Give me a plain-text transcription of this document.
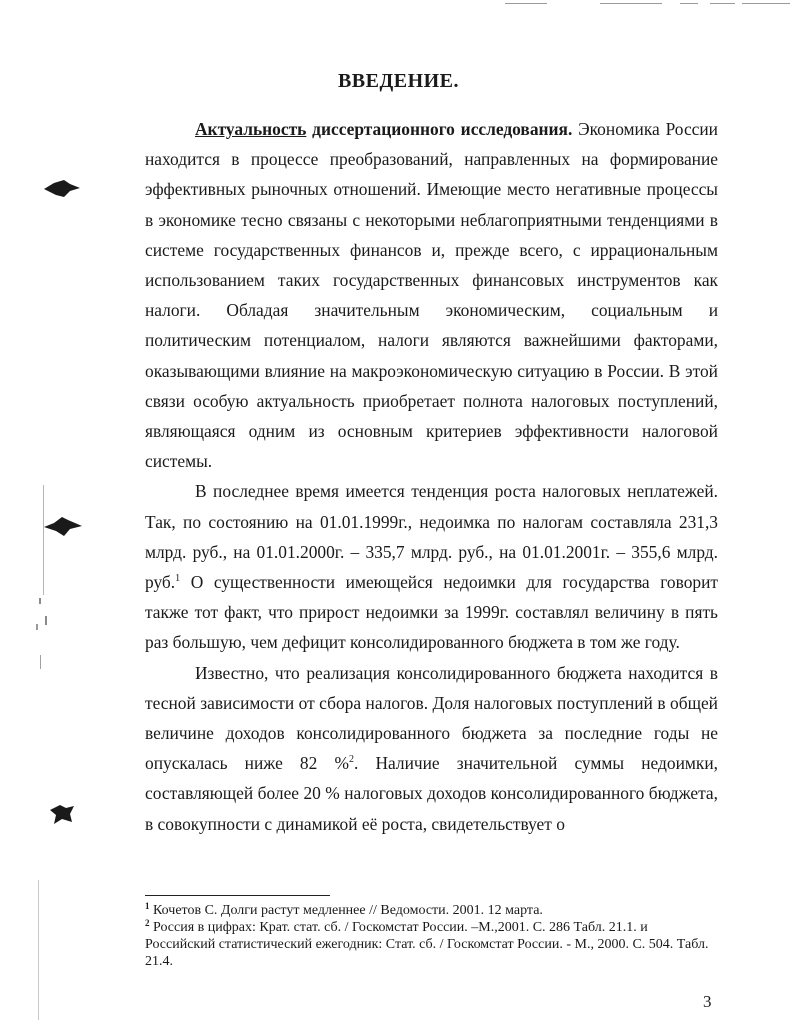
ВВЕДЕНИЕ.

Актуальность диссертационного исследования. Экономика России находится в процессе преобразований, направленных на формирование эффективных рыночных отношений. Имеющие место негативные процессы в экономике тесно связаны с некоторыми неблагоприятными тенденциями в системе государственных финансов и, прежде всего, с иррациональным использованием таких государственных финансовых инструментов как налоги. Обладая значительным экономическим, социальным и политическим потенциалом, налоги являются важнейшими факторами, оказывающими влияние на макроэкономическую ситуацию в России. В этой связи особую актуальность приобретает полнота налоговых поступлений, являющаяся одним из основным критериев эффективности налоговой системы.

В последнее время имеется тенденция роста налоговых неплатежей. Так, по состоянию на 01.01.1999г., недоимка по налогам составляла 231,3 млрд. руб., на 01.01.2000г. – 335,7 млрд. руб., на 01.01.2001г. – 355,6 млрд. руб.$^1$ О существенности имеющейся недоимки для государства говорит также тот факт, что прирост недоимки за 1999г. составлял величину в пять раз большую, чем дефицит консолидированного бюджета в том же году.

Известно, что реализация консолидированного бюджета находится в тесной зависимости от сбора налогов. Доля налоговых поступлений в общей величине доходов консолидированного бюджета за последние годы не опускалась ниже 82 %$^2$. Наличие значительной суммы недоимки, составляющей более 20 % налоговых доходов консолидированного бюджета, в совокупности с динамикой её роста, свидетельствует о

$^1$ Кочетов С. Долги растут медленнее // Ведомости. 2001. 12 марта.

$^2$ Россия в цифрах: Крат. стат. сб. / Госкомстат России. –М.,2001. С. 286 Табл. 21.1. и Российский статистический ежегодник: Стат. сб. / Госкомстат России. - М., 2000. С. 504. Табл. 21.4.

3
